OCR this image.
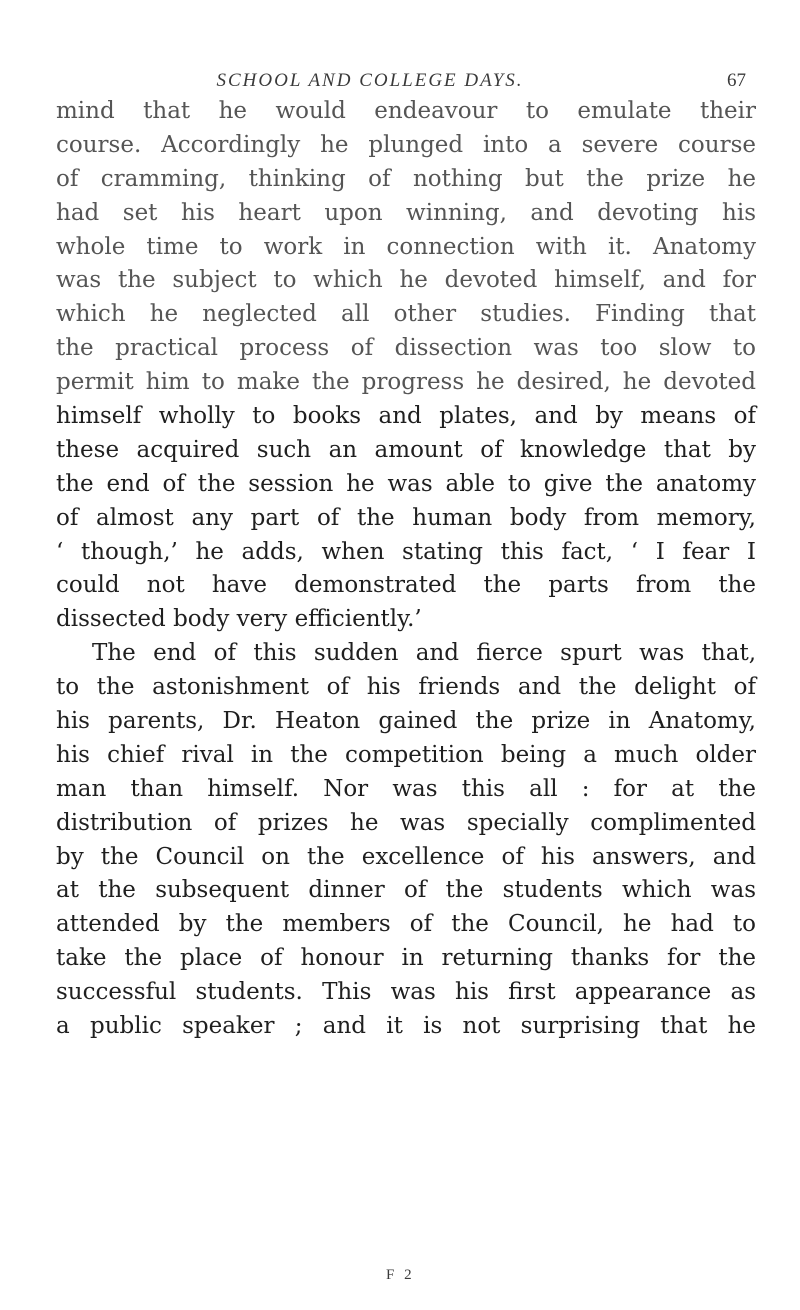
SCHOOL AND COLLEGE DAYS.	67
mind that he would endeavour to emulate their
course. Accordingly he plunged into a severe course
of cramming, thinking of nothing but the prize he
had set his heart upon winning, and devoting his
whole time to work in connection with it. Anatomy
was the subject to which he devoted himself, and for
which he neglected all other studies. Finding that
the practical process of dissection was too slow to
permit him to make the progress he desired, he devoted
himself wholly to books and plates, and by means of
these acquired such an amount of knowledge that by
the end of the session he was able to give the anatomy
of almost any part of the human body from memory,
‘ though,’ he adds, when stating this fact, ‘ I fear I
could not have demonstrated the parts from the
dissected body very efficiently.’
The end of this sudden and fierce spurt was that,
to the astonishment of his friends and the delight of
his parents, Dr. Heaton gained the prize in Anatomy,
his chief rival in the competition being a much older
man than himself. Nor was this all : for at the
distribution of prizes he was specially complimented
by the Council on the excellence of his answers, and
at the subsequent dinner of the students which was
attended by the members of the Council, he had to
take the place of honour in returning thanks for the
successful students. This was his first appearance as
a public speaker ; and it is not surprising that he
F 2
